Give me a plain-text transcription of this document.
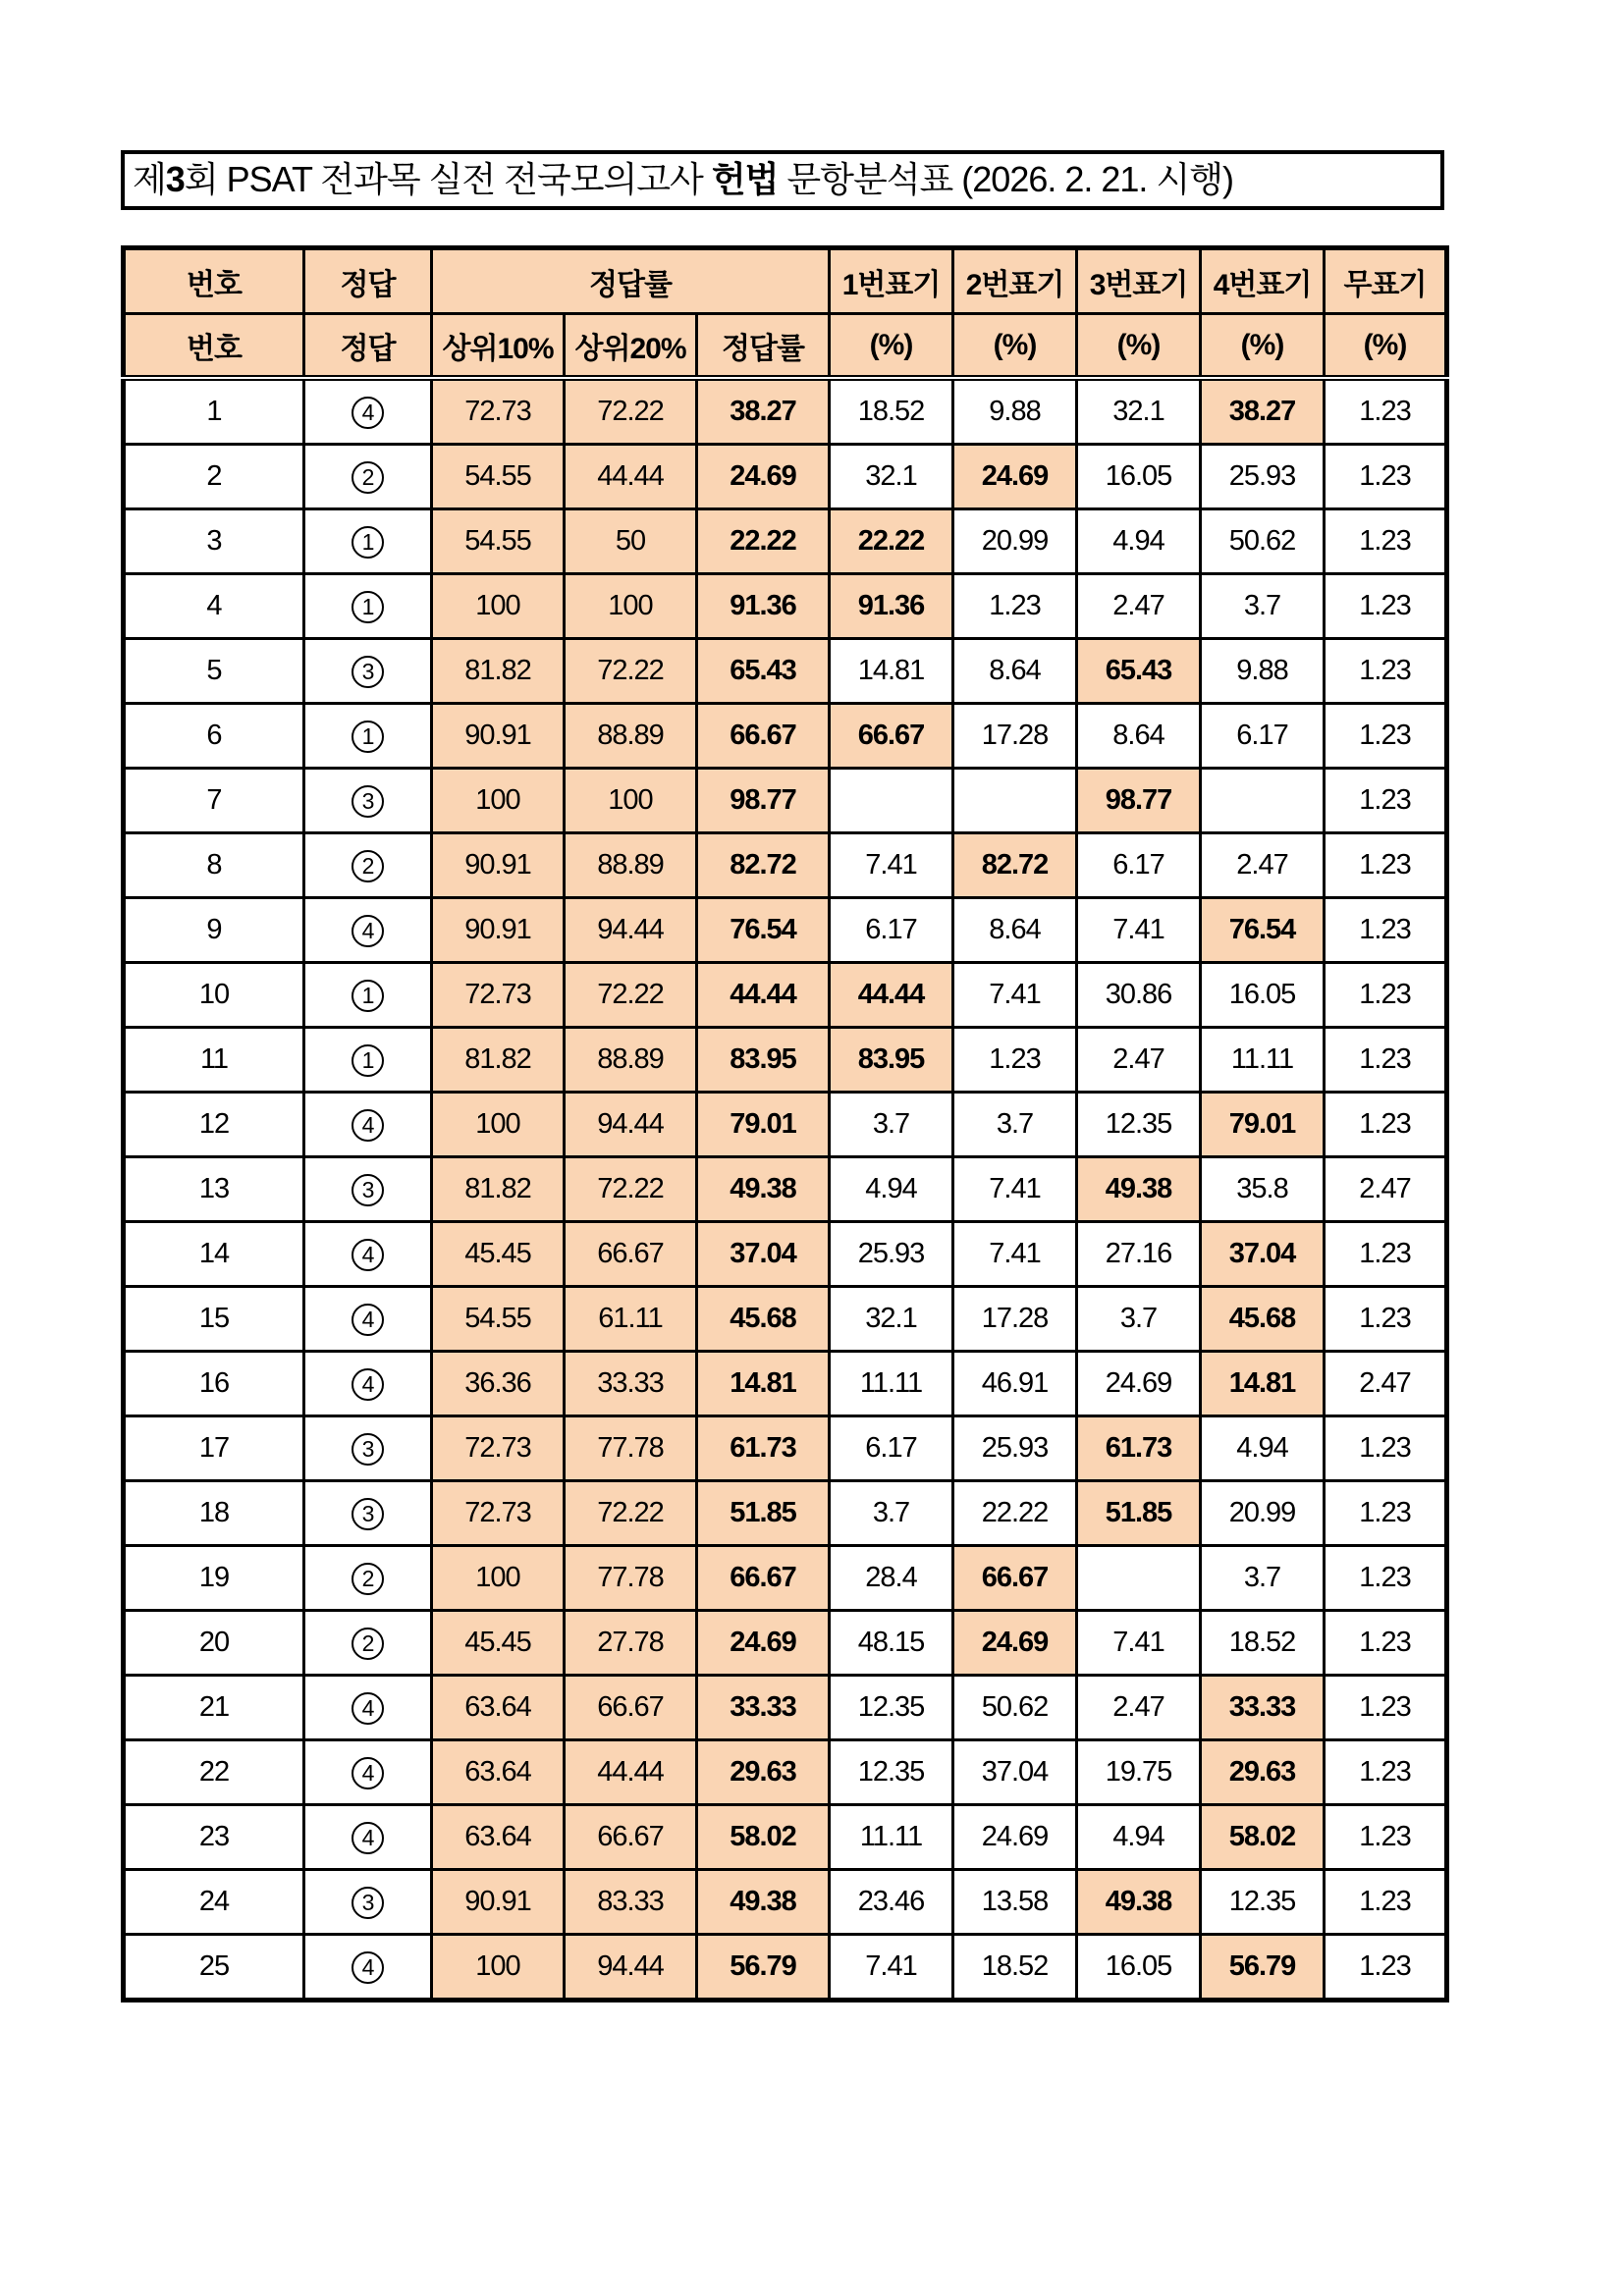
제3회 PSAT 전과목 실전 전국모의고사 헌법 문항분석표 (2026. 2. 21. 시행)
번호	정답	정답률			1번표기	2번표기	3번표기	4번표기	무표기
번호	정답	상위10%	상위20%	정답률	(%)	(%)	(%)	(%)	(%)
1	4	72.73	72.22	38.27	18.52	9.88	32.1	38.27	1.23
2	2	54.55	44.44	24.69	32.1	24.69	16.05	25.93	1.23
3	1	54.55	50	22.22	22.22	20.99	4.94	50.62	1.23
4	1	100	100	91.36	91.36	1.23	2.47	3.7	1.23
5	3	81.82	72.22	65.43	14.81	8.64	65.43	9.88	1.23
6	1	90.91	88.89	66.67	66.67	17.28	8.64	6.17	1.23
7	3	100	100	98.77			98.77		1.23
8	2	90.91	88.89	82.72	7.41	82.72	6.17	2.47	1.23
9	4	90.91	94.44	76.54	6.17	8.64	7.41	76.54	1.23
10	1	72.73	72.22	44.44	44.44	7.41	30.86	16.05	1.23
11	1	81.82	88.89	83.95	83.95	1.23	2.47	11.11	1.23
12	4	100	94.44	79.01	3.7	3.7	12.35	79.01	1.23
13	3	81.82	72.22	49.38	4.94	7.41	49.38	35.8	2.47
14	4	45.45	66.67	37.04	25.93	7.41	27.16	37.04	1.23
15	4	54.55	61.11	45.68	32.1	17.28	3.7	45.68	1.23
16	4	36.36	33.33	14.81	11.11	46.91	24.69	14.81	2.47
17	3	72.73	77.78	61.73	6.17	25.93	61.73	4.94	1.23
18	3	72.73	72.22	51.85	3.7	22.22	51.85	20.99	1.23
19	2	100	77.78	66.67	28.4	66.67		3.7	1.23
20	2	45.45	27.78	24.69	48.15	24.69	7.41	18.52	1.23
21	4	63.64	66.67	33.33	12.35	50.62	2.47	33.33	1.23
22	4	63.64	44.44	29.63	12.35	37.04	19.75	29.63	1.23
23	4	63.64	66.67	58.02	11.11	24.69	4.94	58.02	1.23
24	3	90.91	83.33	49.38	23.46	13.58	49.38	12.35	1.23
25	4	100	94.44	56.79	7.41	18.52	16.05	56.79	1.23
